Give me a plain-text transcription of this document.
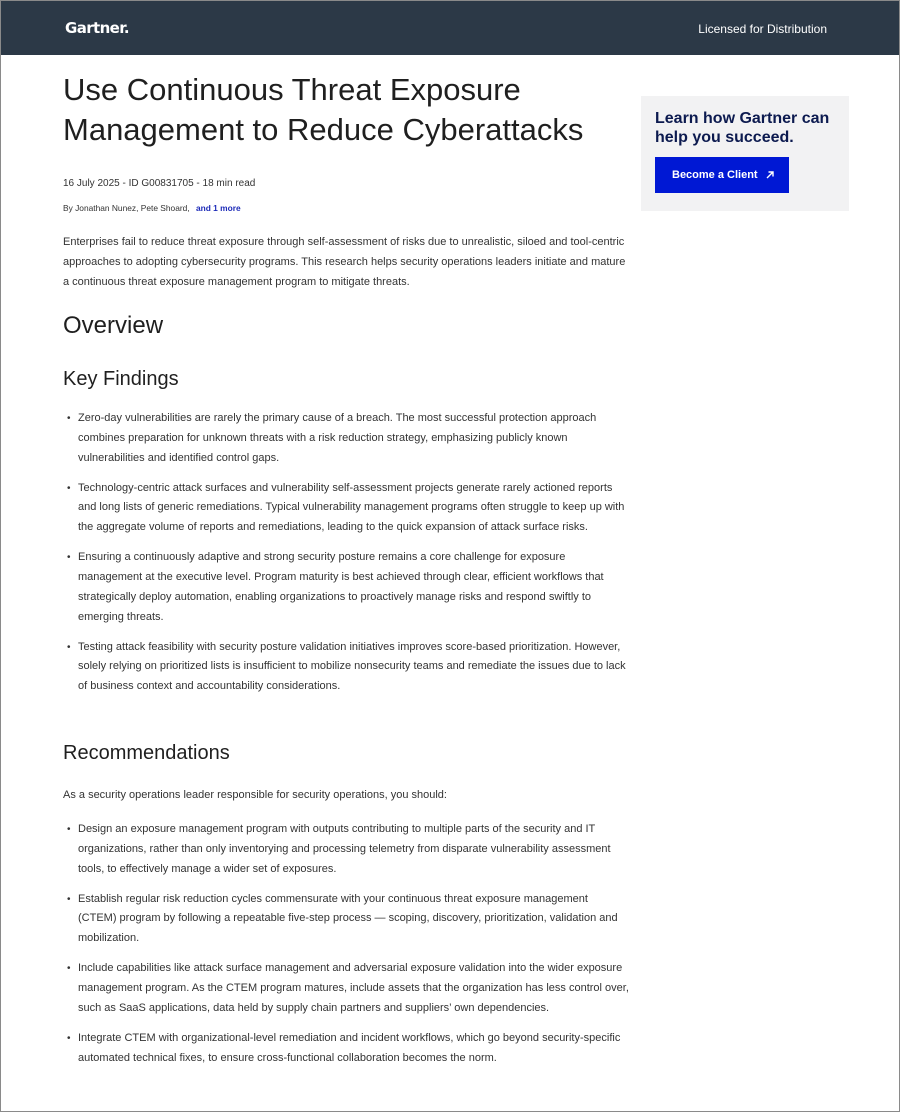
Gartner.	Licensed for Distribution
Use Continuous Threat Exposure Management to Reduce Cyberattacks
16 July 2025 - ID G00831705 - 18 min read
By Jonathan Nunez, Pete Shoard, and 1 more

Enterprises fail to reduce threat exposure through self-assessment of risks due to unrealistic, siloed and tool-centric approaches to adopting cybersecurity programs. This research helps security operations leaders initiate and mature a continuous threat exposure management program to mitigate threats.

Overview
Key Findings
• Zero-day vulnerabilities are rarely the primary cause of a breach. The most successful protection approach combines preparation for unknown threats with a risk reduction strategy, emphasizing publicly known vulnerabilities and identified control gaps.
• Technology-centric attack surfaces and vulnerability self-assessment projects generate rarely actioned reports and long lists of generic remediations. Typical vulnerability management programs often struggle to keep up with the aggregate volume of reports and remediations, leading to the quick expansion of attack surface risks.
• Ensuring a continuously adaptive and strong security posture remains a core challenge for exposure management at the executive level. Program maturity is best achieved through clear, efficient workflows that strategically deploy automation, enabling organizations to proactively manage risks and respond swiftly to emerging threats.
• Testing attack feasibility with security posture validation initiatives improves score-based prioritization. However, solely relying on prioritized lists is insufficient to mobilize nonsecurity teams and remediate the issues due to lack of business context and accountability considerations.
Recommendations

As a security operations leader responsible for security operations, you should:

• Design an exposure management program with outputs contributing to multiple parts of the security and IT organizations, rather than only inventorying and processing telemetry from disparate vulnerability assessment tools, to effectively manage a wider set of exposures.
• Establish regular risk reduction cycles commensurate with your continuous threat exposure management (CTEM) program by following a repeatable five-step process — scoping, discovery, prioritization, validation and mobilization.
• Include capabilities like attack surface management and adversarial exposure validation into the wider exposure management program. As the CTEM program matures, include assets that the organization has less control over, such as SaaS applications, data held by supply chain partners and suppliers’ own dependencies.
• Integrate CTEM with organizational-level remediation and incident workflows, which go beyond security-specific automated technical fixes, to ensure cross-functional collaboration becomes the norm.
Learn how Gartner can help you succeed.
Become a Client
